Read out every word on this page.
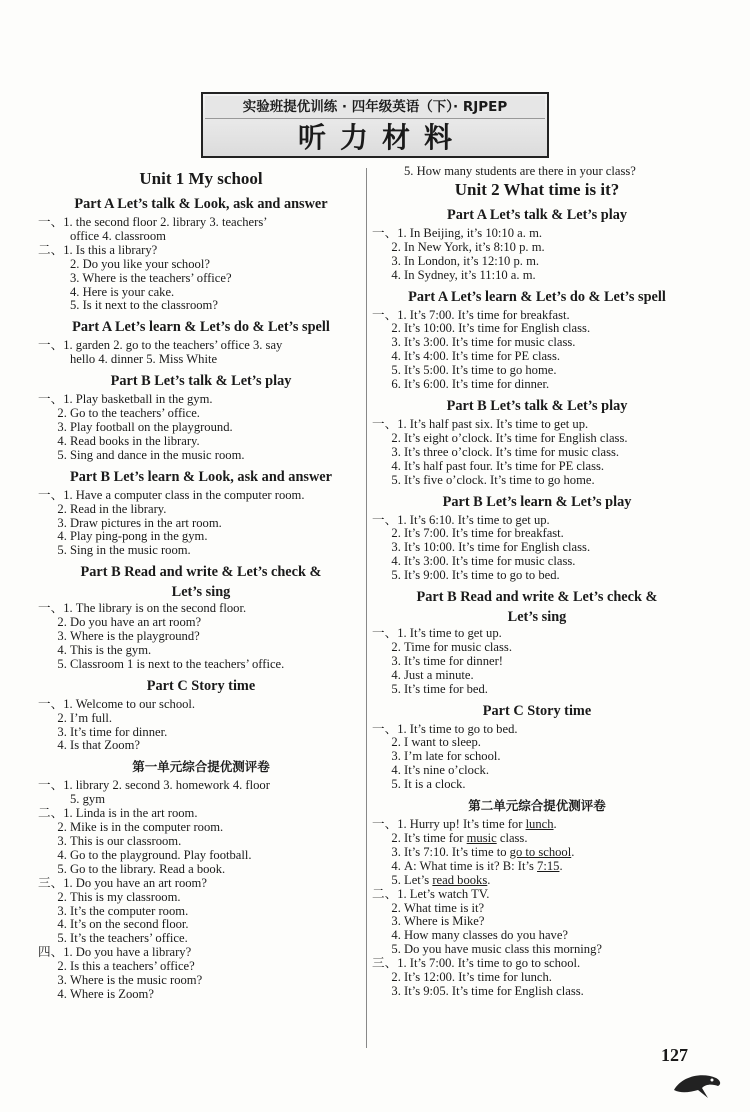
实验班提优训练 · 四年级英语（下）· RJPEP
听力材料
Unit 1 My school
Part A Let’s talk & Look, ask and answer
一、1. the second floor 2. library 3. teachers’
office 4. classroom
二、1. Is this a library?
2. Do you like your school?
3. Where is the teachers’ office?
4. Here is your cake.
5. Is it next to the classroom?
Part A Let’s learn & Let’s do & Let’s spell
一、1. garden 2. go to the teachers’ office 3. say
hello 4. dinner 5. Miss White
Part B Let’s talk & Let’s play
一、1. Play basketball in the gym.
2. Go to the teachers’ office.
3. Play football on the playground.
4. Read books in the library.
5. Sing and dance in the music room.
Part B Let’s learn & Look, ask and answer
一、1. Have a computer class in the computer room.
2. Read in the library.
3. Draw pictures in the art room.
4. Play ping-pong in the gym.
5. Sing in the music room.
Part B Read and write & Let’s check &
Let’s sing
一、1. The library is on the second floor.
2. Do you have an art room?
3. Where is the playground?
4. This is the gym.
5. Classroom 1 is next to the teachers’ office.
Part C Story time
一、1. Welcome to our school.
2. I’m full.
3. It’s time for dinner.
4. Is that Zoom?
第一单元综合提优测评卷
一、 1. library 2. second 3. homework 4. floor
5. gym
二、1. Linda is in the art room.
2. Mike is in the computer room.
3. This is our classroom.
4. Go to the playground. Play football.
5. Go to the library. Read a book.
三、1. Do you have an art room?
2. This is my classroom.
3. It’s the computer room.
4. It’s on the second floor.
5. It’s the teachers’ office.
四、1. Do you have a library?
2. Is this a teachers’ office?
3. Where is the music room?
4. Where is Zoom?
5. How many students are there in your class?
Unit 2 What time is it?
Part A Let’s talk & Let’s play
一、1. In Beijing, it’s 10:10 a. m.
2. In New York, it’s 8:10 p. m.
3. In London, it’s 12:10 p. m.
4. In Sydney, it’s 11:10 a. m.
Part A Let’s learn & Let’s do & Let’s spell
一、1. It’s 7:00. It’s time for breakfast.
2. It’s 10:00. It’s time for English class.
3. It’s 3:00. It’s time for music class.
4. It’s 4:00. It’s time for PE class.
5. It’s 5:00. It’s time to go home.
6. It’s 6:00. It’s time for dinner.
Part B Let’s talk & Let’s play
一、1. It’s half past six. It’s time to get up.
2. It’s eight o’clock. It’s time for English class.
3. It’s three o’clock. It’s time for music class.
4. It’s half past four. It’s time for PE class.
5. It’s five o’clock. It’s time to go home.
Part B Let’s learn & Let’s play
一、1. It’s 6:10. It’s time to get up.
2. It’s 7:00. It’s time for breakfast.
3. It’s 10:00. It’s time for English class.
4. It’s 3:00. It’s time for music class.
5. It’s 9:00. It’s time to go to bed.
Part B Read and write & Let’s check &
Let’s sing
一、1. It’s time to get up.
2. Time for music class.
3. It’s time for dinner!
4. Just a minute.
5. It’s time for bed.
Part C Story time
一、1. It’s time to go to bed.
2. I want to sleep.
3. I’m late for school.
4. It’s nine o’clock.
5. It is a clock.
第二单元综合提优测评卷
一、1. Hurry up! It’s time for lunch.
2. It’s time for music class.
3. It’s 7:10. It’s time to go to school.
4. A: What time is it? B: It’s 7:15.
5. Let’s read books.
二、1. Let’s watch TV.
2. What time is it?
3. Where is Mike?
4. How many classes do you have?
5. Do you have music class this morning?
三、1. It’s 7:00. It’s time to go to school.
2. It’s 12:00. It’s time for lunch.
3. It’s 9:05. It’s time for English class.
127
